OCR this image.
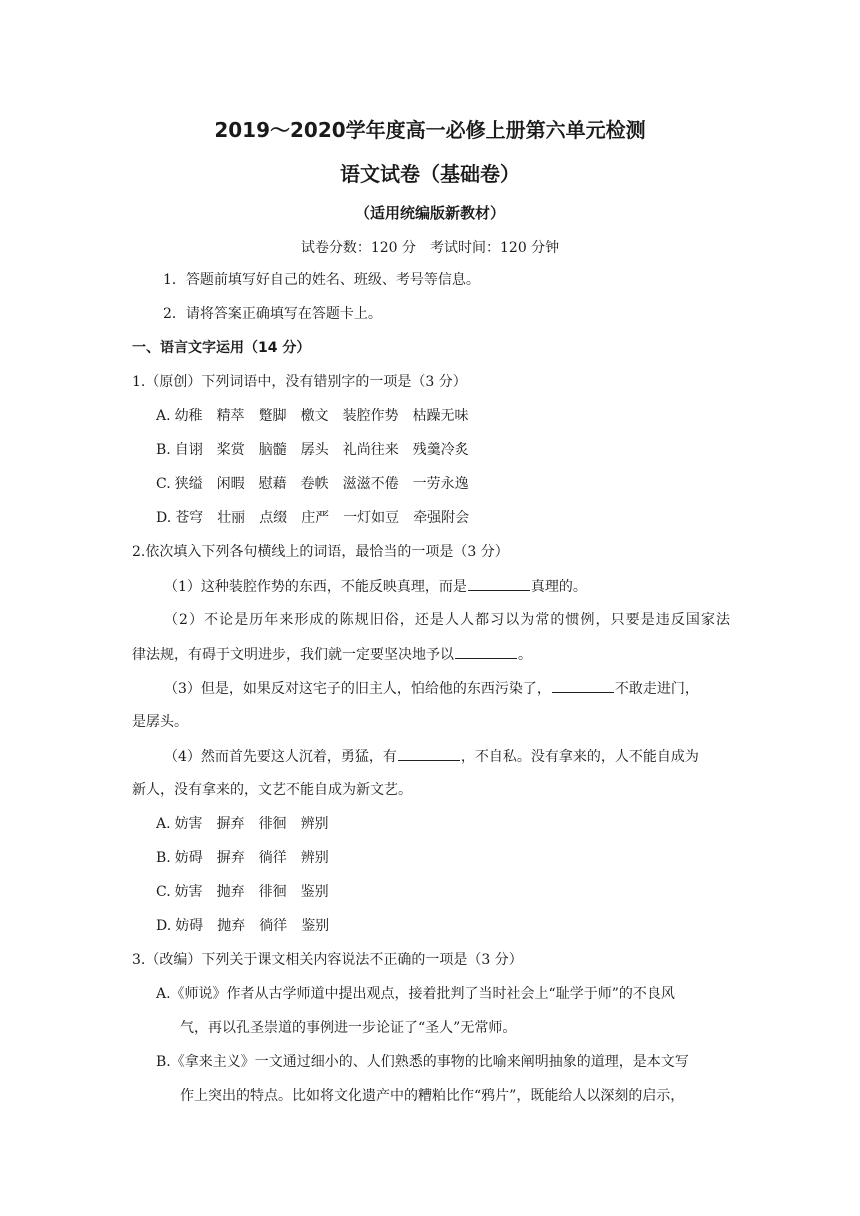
2019～2020学年度高一必修上册第六单元检测
语文试卷（基础卷）
（适用统编版新教材）
试卷分数：120 分　考试时间：120 分钟
1．答题前填写好自己的姓名、班级、考号等信息。
2．请将答案正确填写在答题卡上。
一、语言文字运用（14 分）
1.（原创）下列词语中，没有错别字的一项是（3 分）
A. 幼稚 精萃 蹩脚 檄文 装腔作势 枯躁无味
B. 自诩 桨赏 脑髓 孱头 礼尚往来 残羹冷炙
C. 狭缢 闲暇 慰藉 卷帙 滋滋不倦 一劳永逸
D. 苍穹 壮丽 点缀 庄严 一灯如豆 牵强附会
2.依次填入下列各句横线上的词语，最恰当的一项是（3 分）
（1）这种装腔作势的东西，不能反映真理，而是	真理的。
（2）不论是历年来形成的陈规旧俗，还是人人都习以为常的惯例，只要是违反国家法
律法规，有碍于文明进步，我们就一定要坚决地予以	。
（3）但是，如果反对这宅子的旧主人，怕给他的东西污染了，	不敢走进门，
是孱头。
（4）然而首先要这人沉着，勇猛，有	，不自私。没有拿来的，人不能自成为
新人，没有拿来的，文艺不能自成为新文艺。
A. 妨害 摒弃 徘徊 辨别
B. 妨碍 摒弃 徜徉 辨别
C. 妨害 抛弃 徘徊 鉴别
D. 妨碍 抛弃 徜徉 鉴别
3.（改编）下列关于课文相关内容说法不正确的一项是（3 分）
A.《师说》作者从古学师道中提出观点，接着批判了当时社会上“耻学于师”的不良风
气，再以孔圣崇道的事例进一步论证了“圣人”无常师。
B.《拿来主义》一文通过细小的、人们熟悉的事物的比喻来阐明抽象的道理，是本文写
作上突出的特点。比如将文化遗产中的糟粕比作“鸦片”，既能给人以深刻的启示，
